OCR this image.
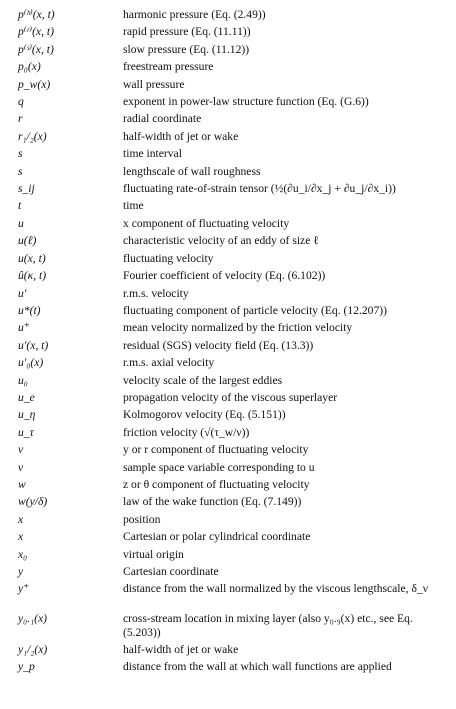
p⁽ʰ⁾(x, t)	harmonic pressure (Eq. (2.49))
p⁽ʳ⁾(x, t)	rapid pressure (Eq. (11.11))
p⁽ˢ⁾(x, t)	slow pressure (Eq. (11.12))
p₀(x)	freestream pressure
p_w(x)	wall pressure
q	exponent in power-law structure function (Eq. (G.6))
r	radial coordinate
r₁/₂(x)	half-width of jet or wake
s	time interval
s	lengthscale of wall roughness
s_ij	fluctuating rate-of-strain tensor (½(∂u_i/∂x_j + ∂u_j/∂x_i))
t	time
u	x component of fluctuating velocity
u(ℓ)	characteristic velocity of an eddy of size ℓ
u(x, t)	fluctuating velocity
û(κ, t)	Fourier coefficient of velocity (Eq. (6.102))
u′	r.m.s. velocity
u*(t)	fluctuating component of particle velocity (Eq. (12.207))
u⁺	mean velocity normalized by the friction velocity
u′(x, t)	residual (SGS) velocity field (Eq. (13.3))
u′₀(x)	r.m.s. axial velocity
u₀	velocity scale of the largest eddies
u_e	propagation velocity of the viscous superlayer
u_η	Kolmogorov velocity (Eq. (5.151))
u_τ	friction velocity (√(τ_w/ν))
v	y or r component of fluctuating velocity
v	sample space variable corresponding to u
w	z or θ component of fluctuating velocity
w(y/δ)	law of the wake function (Eq. (7.149))
x	position
x	Cartesian or polar cylindrical coordinate
x₀	virtual origin
y	Cartesian coordinate
y⁺	distance from the wall normalized by the viscous lengthscale, δ_ν
y₀.₁(x)	cross-stream location in mixing layer (also y₀.₉(x) etc., see Eq. (5.203))
y₁/₂(x)	half-width of jet or wake
y_p	distance from the wall at which wall functions are applied
